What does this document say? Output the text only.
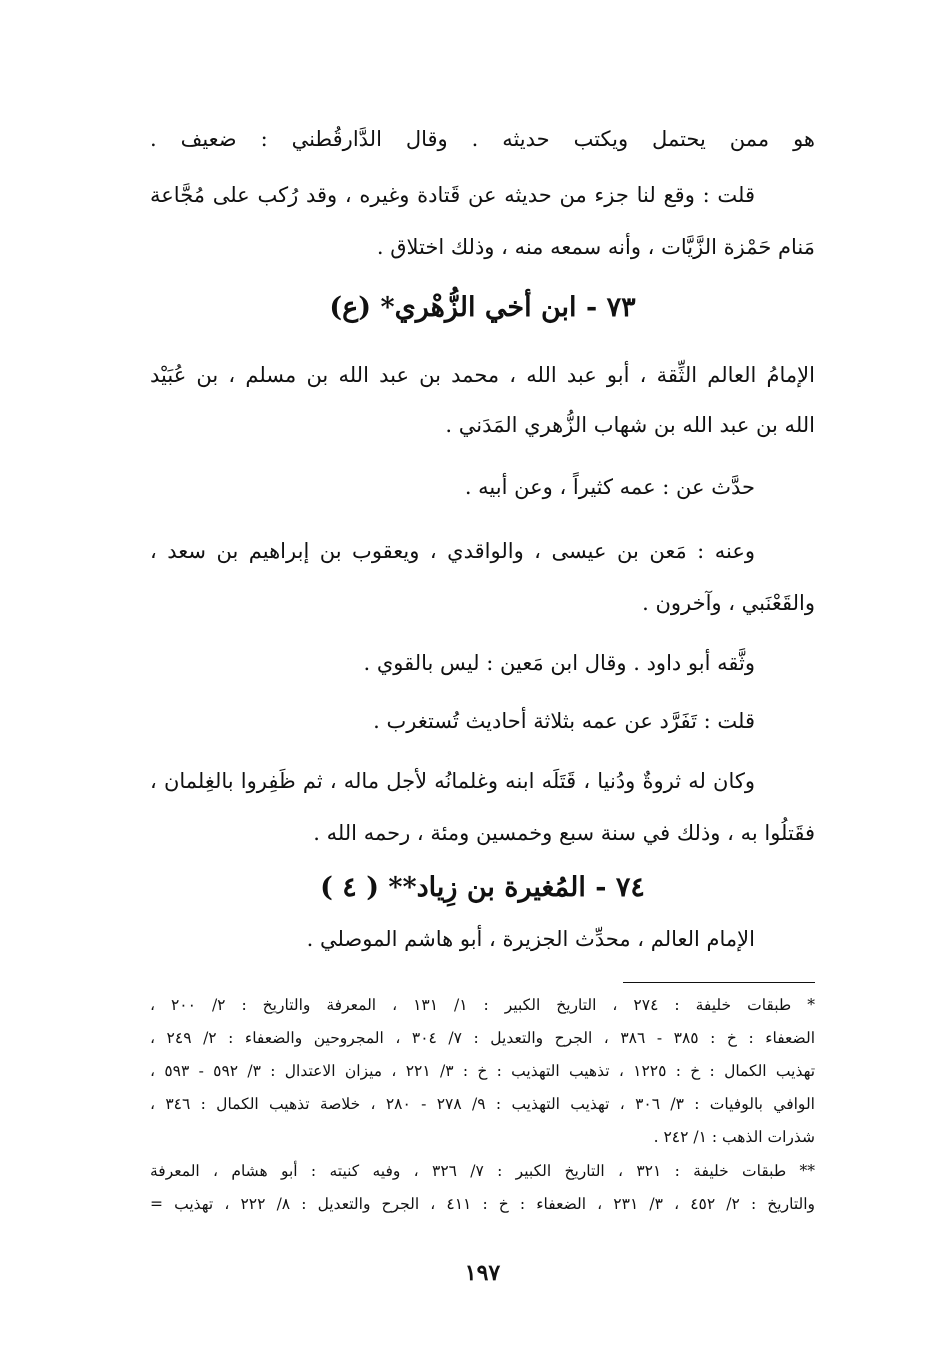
هو ممن يحتمل ويكتب حديثه . وقال الدَّارقُطني : ضعيف .
قلت : وقع لنا جزء من حديثه عن قَتادة وغيره ، وقد رُكب على مُجَّاعة
مَنام حَمْزة الزَّيَّات ، وأنه سمعه منه ، وذلك اختلاق .
٧٣ - ابن أخي الزُّهْري* (ع)
الإمامُ العالم الثِّقة ، أبو عبد الله ، محمد بن عبد الله بن مسلم ، بن عُبَيْد
الله بن عبد الله بن شهاب الزُّهري المَدَني .
حدَّث عن : عمه كثيراً ، وعن أبيه .
وعنه : مَعن بن عيسى ، والواقدي ، ويعقوب بن إبراهيم بن سعد ،
والقَعْنَبي ، وآخرون .
وثَّقه أبو داود . وقال ابن مَعين : ليس بالقوي .
قلت : تَفَرَّد عن عمه بثلاثة أحاديث تُستغرب .
وكان له ثروةٌ ودُنيا ، قَتَلَه ابنه وغلمانُه لأجل ماله ، ثم ظَفِروا بالغِلمان ،
فقَتلُوا به ، وذلك في سنة سبع وخمسين ومئة ، رحمه الله .
٧٤ - المُغيرة بن زِياد** ( ٤ )
الإمام العالم ، محدِّث الجزيرة ، أبو هاشم الموصلي .
* طبقات خليفة : ٢٧٤ ، التاريخ الكبير : ١/ ١٣١ ، المعرفة والتاريخ : ٢/ ٢٠٠ ،
الضعفاء : خ : ٣٨٥ - ٣٨٦ ، الجرح والتعديل : ٧/ ٣٠٤ ، المجروحين والضعفاء : ٢/ ٢٤٩ ،
تهذيب الكمال : خ : ١٢٢٥ ، تذهيب التهذيب : خ : ٣/ ٢٢١ ، ميزان الاعتدال : ٣/ ٥٩٢ - ٥٩٣ ،
الوافي بالوفيات : ٣/ ٣٠٦ ، تهذيب التهذيب : ٩/ ٢٧٨ - ٢٨٠ ، خلاصة تذهيب الكمال : ٣٤٦ ،
شذرات الذهب : ١/ ٢٤٢ .
** طبقات خليفة : ٣٢١ ، التاريخ الكبير : ٧/ ٣٢٦ ، وفيه كنيته : أبو هشام ، المعرفة
والتاريخ : ٢/ ٤٥٢ ، ٣/ ٢٣١ ، الضعفاء : خ : ٤١١ ، الجرح والتعديل : ٨/ ٢٢٢ ، تهذيب =
١٩٧
